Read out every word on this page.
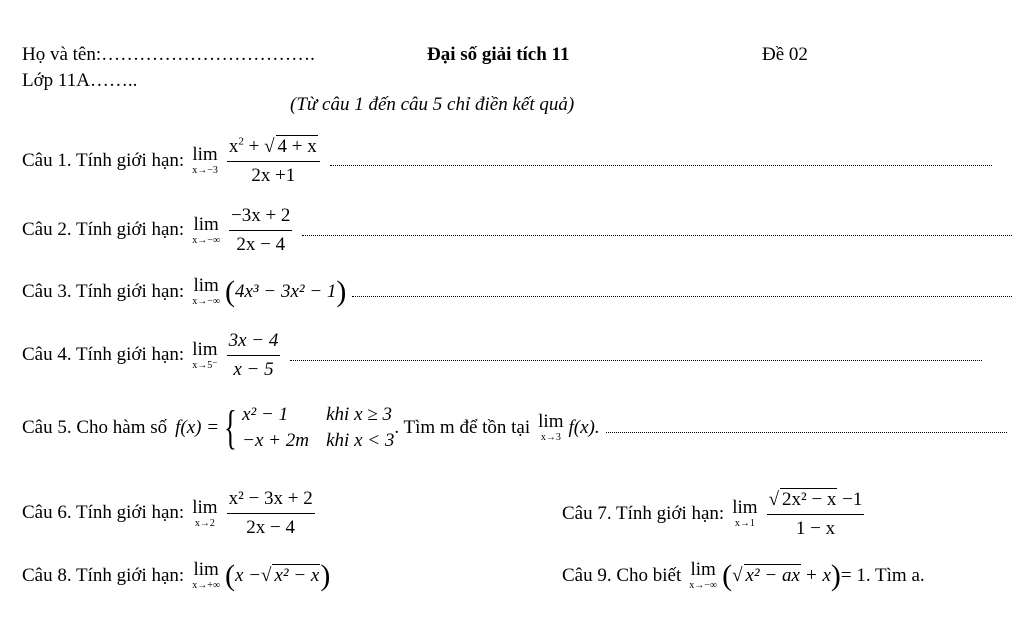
Họ và tên:…………………………….
Lớp 11A……..
Đại số giải tích 11	Đề 02
(Từ câu 1 đến câu 5 chỉ điền kết quả)
Câu 1. Tính giới hạn: lim
$x\to-3 \frac{x^2 + √ 4 + x}{2x +1}$
Câu 2. Tính giới hạn: lim
$x\to-\infty \frac{-3x + 2}{2x - 4}$
Câu 3. Tính giới hạn: lim
x→−∞ ( 4x³ − 3x² − 1 )
Câu 4. Tính giới hạn: lim
$x\to 5^- \frac{3x - 4}{x - 5}$
Câu 5. Cho hàm số f(x) = { x² − 1	khi x ≥ 3
−x + 2m khi x < 3
. Tìm m để tồn tại lim
x→3 f(x).
Câu 6. Tính giới hạn: lim
$x\to 2 \frac{\text{x² − 3x + 2}}{2x - 4}$	Câu 7. Tính giới hạn: lim
$x\to 1 \frac{\text{√ 2x² − x −1}}{1 - x}$
Câu 8. Tính giới hạn: lim
x→+∞ ( x − √ x² − x )	Câu 9. Cho biết lim
x→−∞ ( √ x² − ax + x ) = 1 . Tìm a.
